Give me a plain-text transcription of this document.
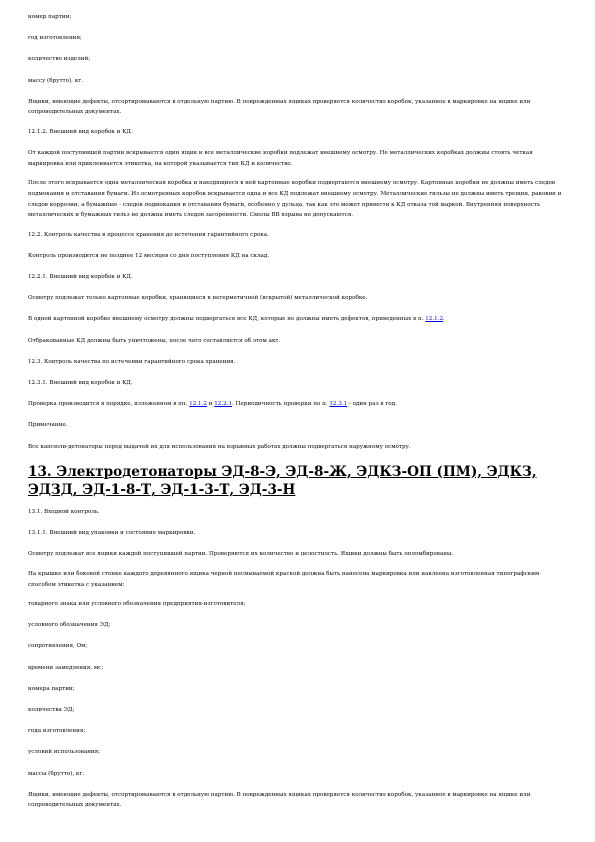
номер партии;

год изготовления;

количество изделий;

массу (брутто), кг.

Ящики, имеющие дефекты, отсортировываются в отдельную партию. В поврежденных ящиках проверяется количество коробок, указанное в маркировке на ящике или сопроводительных документах.

12.1.2. Внешний вид коробок и КД.

От каждой поступившей партии вскрывается один ящик и все металлические коробки подлежат внешнему осмотру. Не металлических коробках должны стоять четкая маркировка или приклеивается этикетка, на которой указывается тип КД и количество.

После этого вскрывается одна металлическая коробка и находящиеся в ней картонные коробки подвергаются внешнему осмотру. Картонные коробки не должны иметь следов подмокания и отставания бумаги. Из осмотренных коробок вскрывается одна и все КД подлежат внешнему осмотру. Металлические гильзы не должны иметь трещин, раковин и следов коррозии, а бумажные - следов подмокания и отставания бумаги, особенно у дульца, так как это может привести к КД отказа той маркой. Внутренняя поверхность металлических и бумажных гильз не должна иметь следов засоренности. Смолы ВВ взрыва не допускаются.

12.2. Контроль качества в процессе хранения до истечения гарантийного срока.

Контроль производится не позднее 12 месяцев со дня поступления КД на склад.

12.2.1. Внешний вид коробок и КД.

Осмотру подлежат только картонные коробки, хранящиеся в негерметичной (вскрытой) металлической коробке.

В одной картонной коробке внешнему осмотру должны подвергаться все КД, которые не должны иметь дефектов, приведенных в п. 12.1.2.

Отбракованные КД должны быть уничтожены, после чего составляется об этом акт.

12.3. Контроль качества по истечении гарантийного срока хранения.

12.3.1. Внешний вид коробок и КД.

Проверка производится в порядке, изложенном в пп. 12.1.2 и 12.2.1. Периодичность проверки по п. 12.3.1 - один раз в год.

Примечание.

Все капсюли-детонаторы перед выдачей их для использования на взрывных работах должны подвергаться наружному осмотру.

13. Электродетонаторы ЭД-8-Э, ЭД-8-Ж, ЭДКЗ-ОП (ПМ), ЭДКЗ, ЭДЗД, ЭД-1-8-Т, ЭД-1-3-Т, ЭД-3-Н

13.1. Входной контроль.

13.1.1. Внешний вид упаковки и состояние маркировки.

Осмотру подлежат все ящики каждой поступившей партии. Проверяются их количество и целостность. Ящики должны быть опломбированы.

На крышке или боковой стенке каждого деревянного ящика черной несмываемой краской должна быть нанесена маркировка или наклеена изготовленная типографским способом этикетка с указанием:

товарного знака или условного обозначения предприятия-изготовителя;

условного обозначения ЭД;

сопротивления, Ом;

времени замедления, мс;

номера партии;

количества ЭД;

года изготовления;

условий использования;

массы (брутто), кг.

Ящики, имеющие дефекты, отсортировываются в отдельную партию. В поврежденных ящиках проверяется количество коробок, указанное в маркировке на ящике или сопроводительных документах.
